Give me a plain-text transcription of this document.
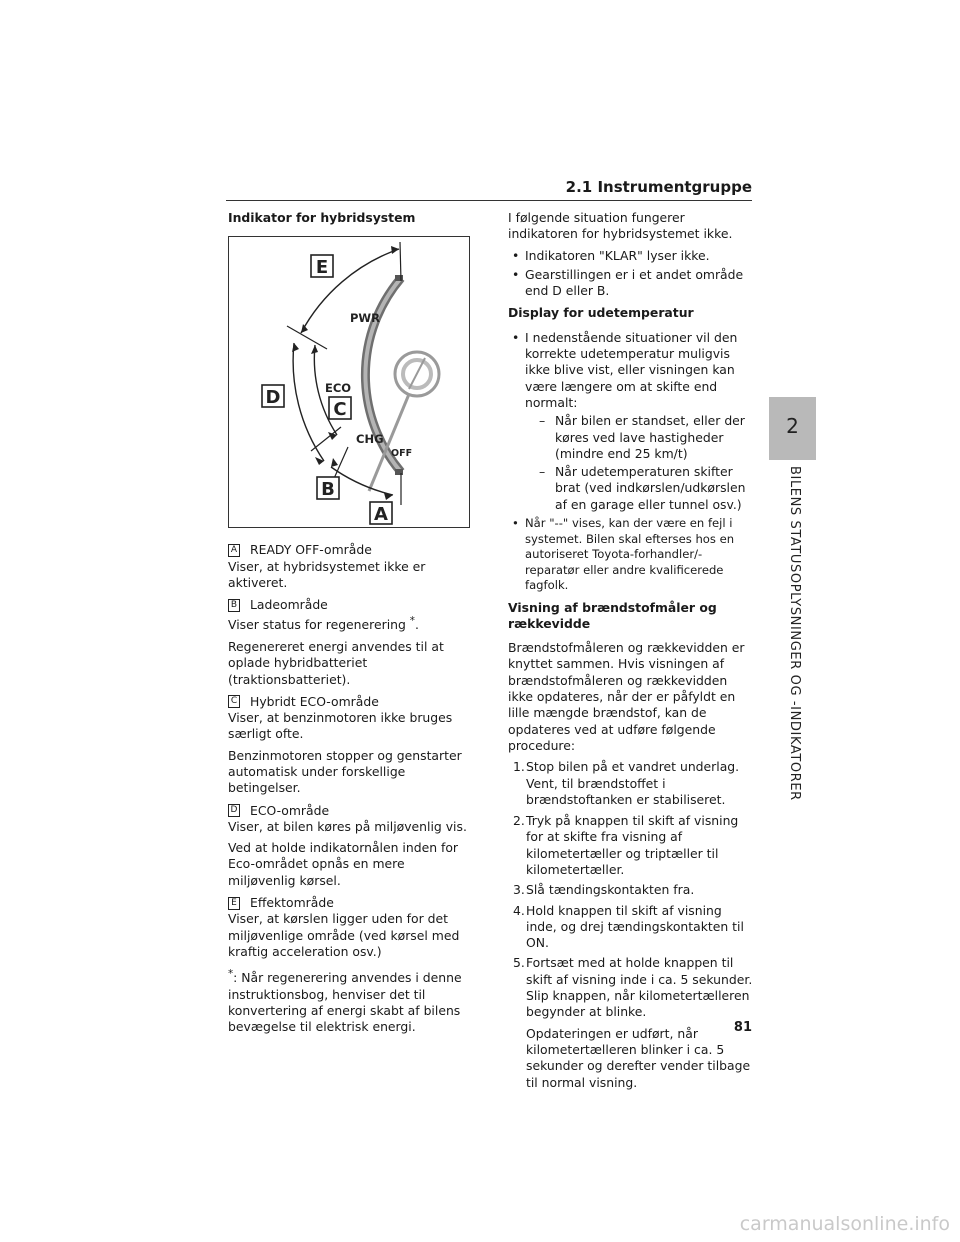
2.1 Instrumentgruppe
2
BILENS STATUSOPLYSNINGER OG -INDIKATORER
Indikator for hybridsystem
E
D
C
B
A
PWR
ECO
CHG
OFF
A READY OFF-område

Viser, at hybridsystemet ikke er aktiveret.

B Ladeområde

Viser status for regenerering *.

Regenereret energi anvendes til at oplade hybridbatteriet (traktionsbatteriet).

C Hybridt ECO-område

Viser, at benzinmotoren ikke bruges særligt ofte.

Benzinmotoren stopper og genstarter automatisk under forskellige betingelser.

D ECO-område

Viser, at bilen køres på miljøvenlig vis.

Ved at holde indikatornålen inden for Eco-området opnås en mere miljøvenlig kørsel.

E Effektområde

Viser, at kørslen ligger uden for det miljøvenlige område (ved kørsel med kraftig acceleration osv.)

*: Når regenerering anvendes i denne instruktionsbog, henviser det til konvertering af energi skabt af bilens bevægelse til elektrisk energi.

I følgende situation fungerer indikatoren for hybridsystemet ikke.

• Indikatoren "KLAR" lyser ikke.
• Gearstillingen er i et andet område end D eller B.
Display for udetemperatur
• I nedenstående situationer vil den korrekte udetemperatur muligvis ikke blive vist, eller visningen kan være længere om at skifte end normalt:
– Når bilen er standset, eller der køres ved lave hastigheder (mindre end 25 km/t)
– Når udetemperaturen skifter brat (ved indkørslen/udkørslen af en garage eller tunnel osv.)
• Når "--" vises, kan der være en fejl i systemet. Bilen skal efterses hos en autoriseret Toyota-forhandler/-reparatør eller andre kvalificerede fagfolk.
Visning af brændstofmåler og rækkevidde

Brændstofmåleren og rækkevidden er knyttet sammen. Hvis visningen af brændstofmåleren og rækkevidden ikke opdateres, når der er påfyldt en lille mængde brændstof, kan de opdateres ved at udføre følgende procedure:

1. Stop bilen på et vandret underlag.

Vent, til brændstoffet i brændstoftanken er stabiliseret.

2. Tryk på knappen til skift af visning for at skifte fra visning af kilometertæller og triptæller til kilometertæller.
3. Slå tændingskontakten fra.
4. Hold knappen til skift af visning inde, og drej tændingskontakten til ON.
5. Fortsæt med at holde knappen til skift af visning inde i ca. 5 sekunder.

Slip knappen, når kilometertælleren begynder at blinke.

Opdateringen er udført, når kilometertælleren blinker i ca. 5 sekunder og derefter vender tilbage til normal visning.

81
carmanualsonline.info
